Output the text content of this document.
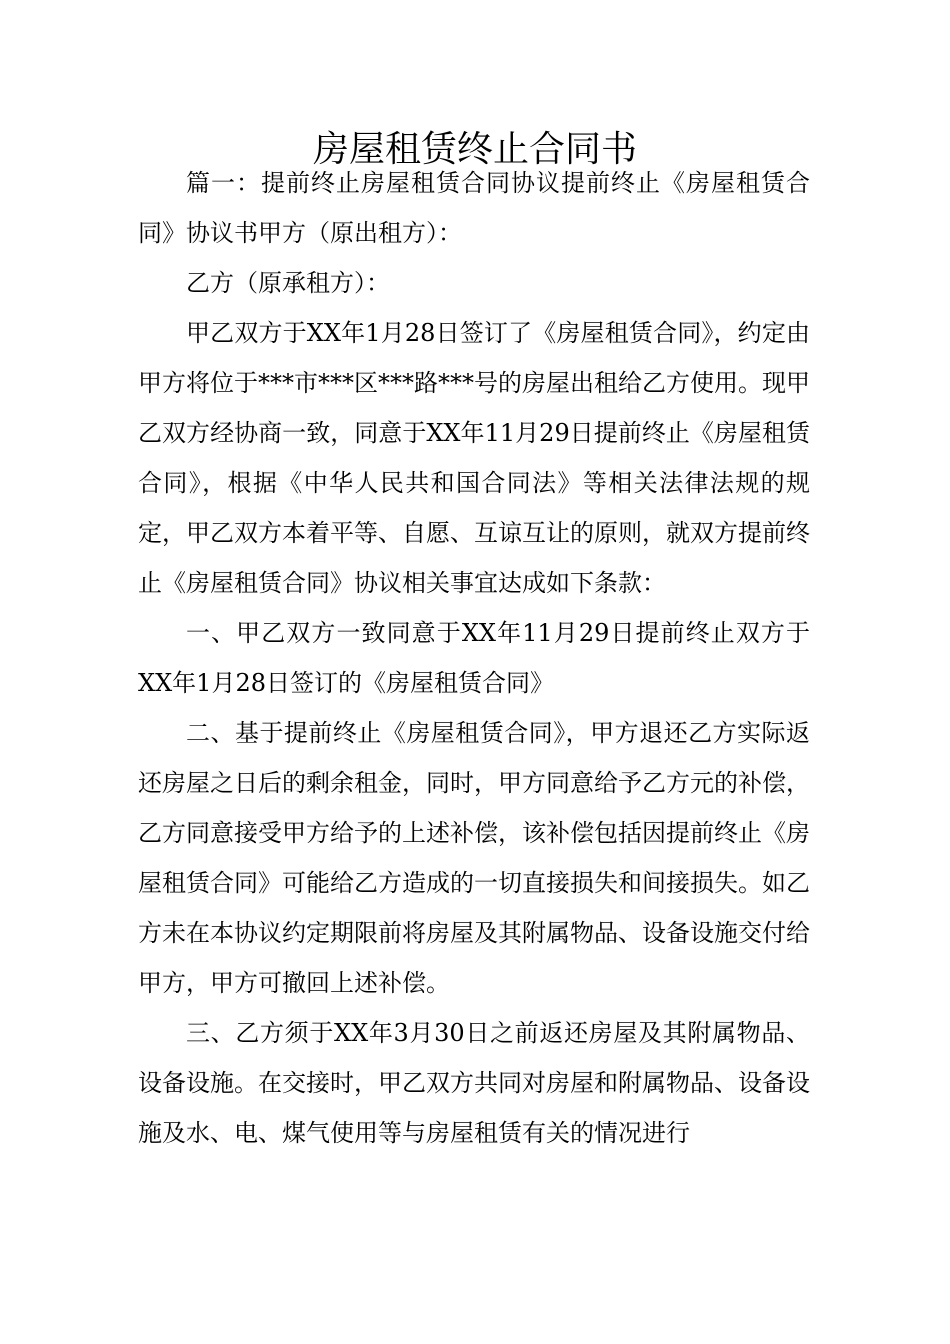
房屋租赁终止合同书

篇一：提前终止房屋租赁合同协议提前终止《房屋租赁合同》协议书甲方（原出租方）：

乙方（原承租方）：

甲乙双方于XX年1月28日签订了《房屋租赁合同》，约定由甲方将位于***市***区***路***号的房屋出租给乙方使用。现甲乙双方经协商一致，同意于XX年11月29日提前终止《房屋租赁合同》，根据《中华人民共和国合同法》等相关法律法规的规定，甲乙双方本着平等、自愿、互谅互让的原则，就双方提前终止《房屋租赁合同》协议相关事宜达成如下条款：

一、甲乙双方一致同意于XX年11月29日提前终止双方于XX年1月28日签订的《房屋租赁合同》

二、基于提前终止《房屋租赁合同》，甲方退还乙方实际返还房屋之日后的剩余租金，同时，甲方同意给予乙方元的补偿，乙方同意接受甲方给予的上述补偿，该补偿包括因提前终止《房屋租赁合同》可能给乙方造成的一切直接损失和间接损失。如乙方未在本协议约定期限前将房屋及其附属物品、设备设施交付给甲方，甲方可撤回上述补偿。

三、乙方须于XX年3月30日之前返还房屋及其附属物品、设备设施。在交接时，甲乙双方共同对房屋和附属物品、设备设施及水、电、煤气使用等与房屋租赁有关的情况进行
